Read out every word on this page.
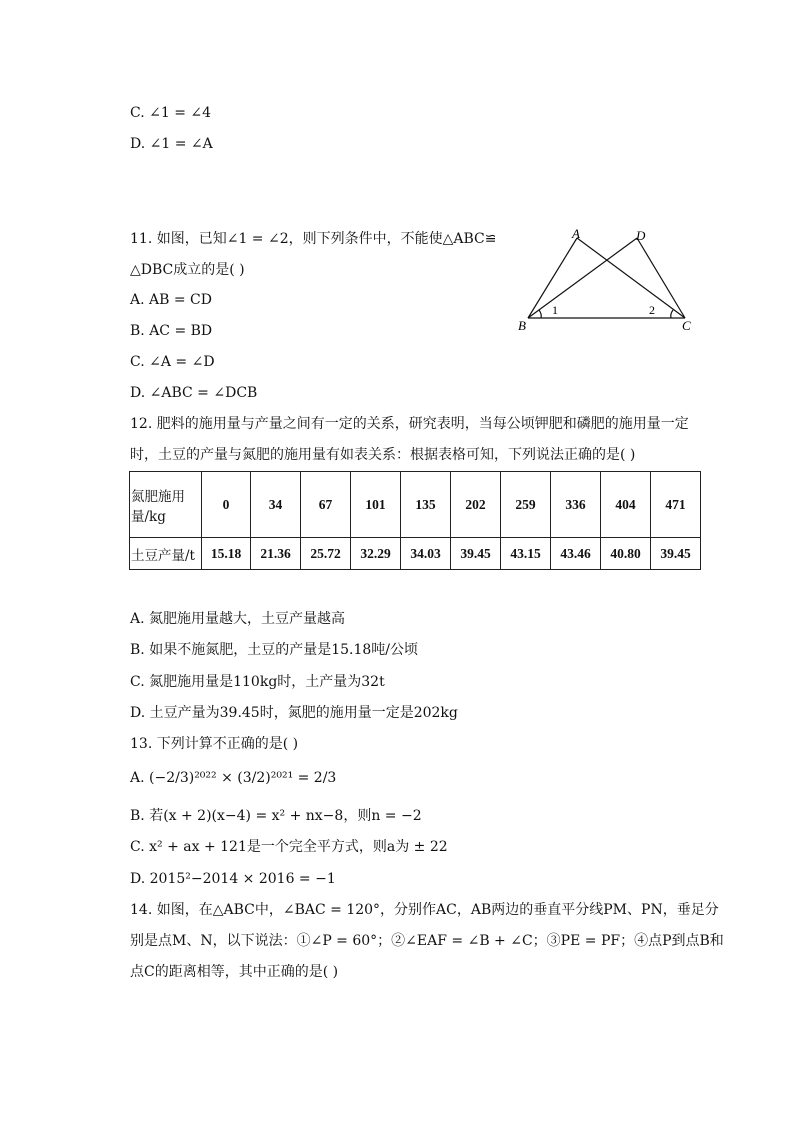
C. ∠1 = ∠4
D. ∠1 = ∠A
11. 如图，已知∠1 = ∠2，则下列条件中，不能使△ABC≌
△DBC成立的是( )
A. AB = CD
B. AC = BD
C. ∠A = ∠D
D. ∠ABC = ∠DCB
A	D
B	C
1	2
12. 肥料的施用量与产量之间有一定的关系，研究表明，当每公顷钾肥和磷肥的施用量一定
时，土豆的产量与氮肥的施用量有如表关系：根据表格可知，下列说法正确的是( )
氮肥施用
量/kg	0	34	67	101	135	202	259	336	404	471
土豆产量/t	15.18	21.36	25.72	32.29	34.03	39.45	43.15	43.46	40.80	39.45
A. 氮肥施用量越大，土豆产量越高
B. 如果不施氮肥，土豆的产量是15.18吨/公顷
C. 氮肥施用量是110kg时，土产量为32t
D. 土豆产量为39.45时，氮肥的施用量一定是202kg
13. 下列计算不正确的是( )
A. (−2/3)²⁰²² × (3/2)²⁰²¹ = 2/3
B. 若(x + 2)(x−4) = x² + nx−8，则n = −2
C. x² + ax + 121是一个完全平方式，则a为 ± 22
D. 2015²−2014 × 2016 = −1
14. 如图，在△ABC中，∠BAC = 120°，分别作AC，AB两边的垂直平分线PM、PN，垂足分
别是点M、N，以下说法：①∠P = 60°；②∠EAF = ∠B + ∠C；③PE = PF；④点P到点B和
点C的距离相等，其中正确的是( )
